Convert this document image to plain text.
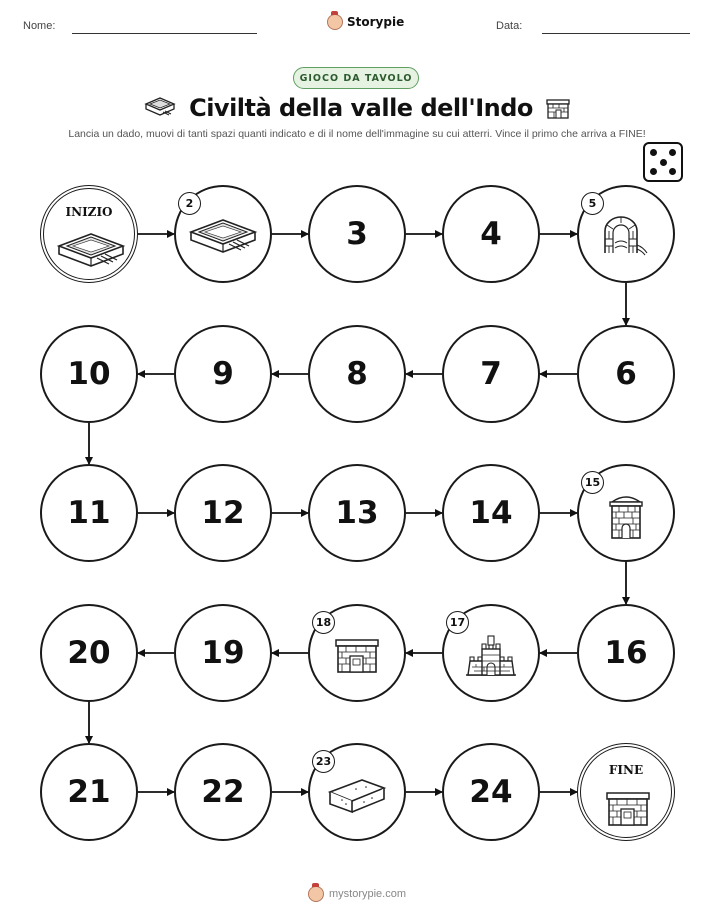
Nome:	Storypie	Data:
GIOCO DA TAVOLO
Civiltà della valle dell'Indo
Lancia un dado, muovi di tanti spazi quanti indicato e di il nome dell'immagine su cui atterri. Vince il primo che arriva a FINE!
INIZIO
2
3	4
5
6
7
8
9
10
11	12	13	14
15
16
17
18
19
20
21	22
23
24
FINE
mystorypie.com
